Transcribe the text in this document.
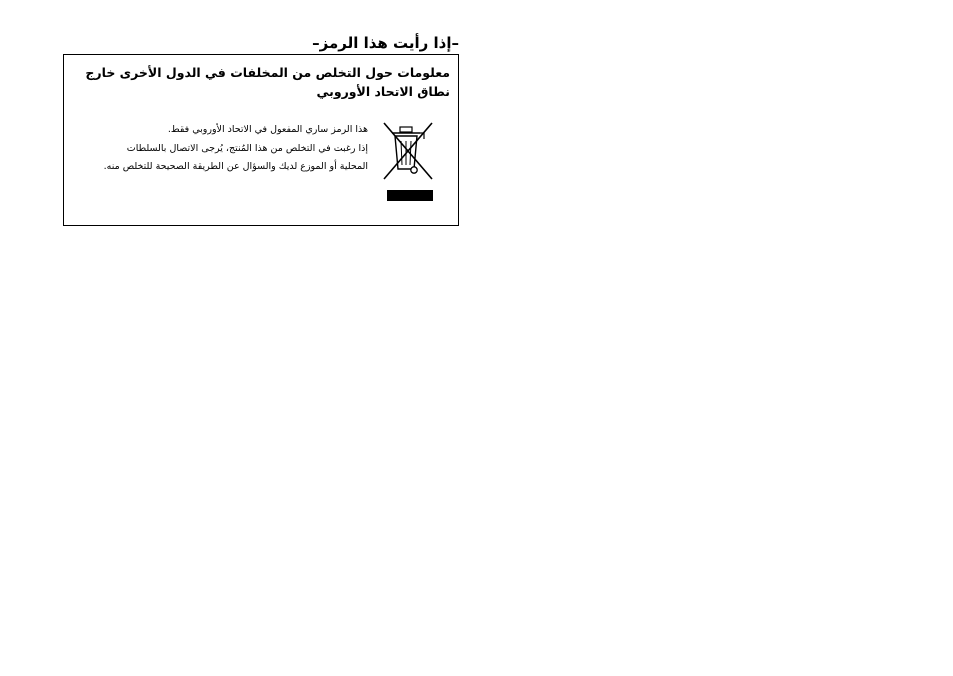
–إذا رأيت هذا الرمز–
معلومات حول التخلص من المخلفات في الدول الأخرى خارج نطاق الاتحاد الأوروبي
هذا الرمز ساري المفعول في الاتحاد الأوروبي فقط.
إذا رغبت في التخلص من هذا المُنتج، يُرجى الاتصال بالسلطات
المحلية أو الموزع لديك والسؤال عن الطريقة الصحيحة للتخلص منه.
